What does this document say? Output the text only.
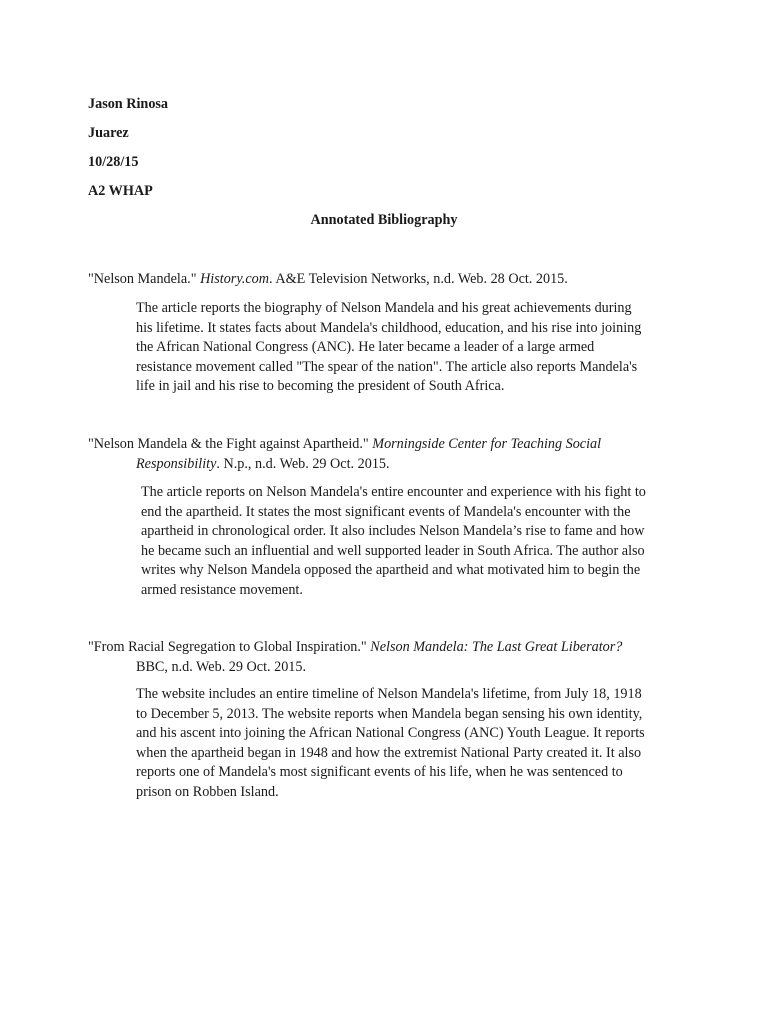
Jason Rinosa

Juarez

10/28/15

A2 WHAP

Annotated Bibliography

"Nelson Mandela." History.com. A&E Television Networks, n.d. Web. 28 Oct. 2015.
The article reports the biography of Nelson Mandela and his great achievements during
his lifetime. It states facts about Mandela's childhood, education, and his rise into joining
the African National Congress (ANC). He later became a leader of a large armed
resistance movement called "The spear of the nation". The article also reports Mandela's
life in jail and his rise to becoming the president of South Africa.
"Nelson Mandela & the Fight against Apartheid." Morningside Center for Teaching Social
Responsibility. N.p., n.d. Web. 29 Oct. 2015.
The article reports on Nelson Mandela's entire encounter and experience with his fight to
end the apartheid. It states the most significant events of Mandela's encounter with the
apartheid in chronological order. It also includes Nelson Mandela’s rise to fame and how
he became such an influential and well supported leader in South Africa. The author also
writes why Nelson Mandela opposed the apartheid and what motivated him to begin the
armed resistance movement.
"From Racial Segregation to Global Inspiration." Nelson Mandela: The Last Great Liberator?
BBC, n.d. Web. 29 Oct. 2015.
The website includes an entire timeline of Nelson Mandela's lifetime, from July 18, 1918
to December 5, 2013. The website reports when Mandela began sensing his own identity,
and his ascent into joining the African National Congress (ANC) Youth League. It reports
when the apartheid began in 1948 and how the extremist National Party created it. It also
reports one of Mandela's most significant events of his life, when he was sentenced to
prison on Robben Island.
